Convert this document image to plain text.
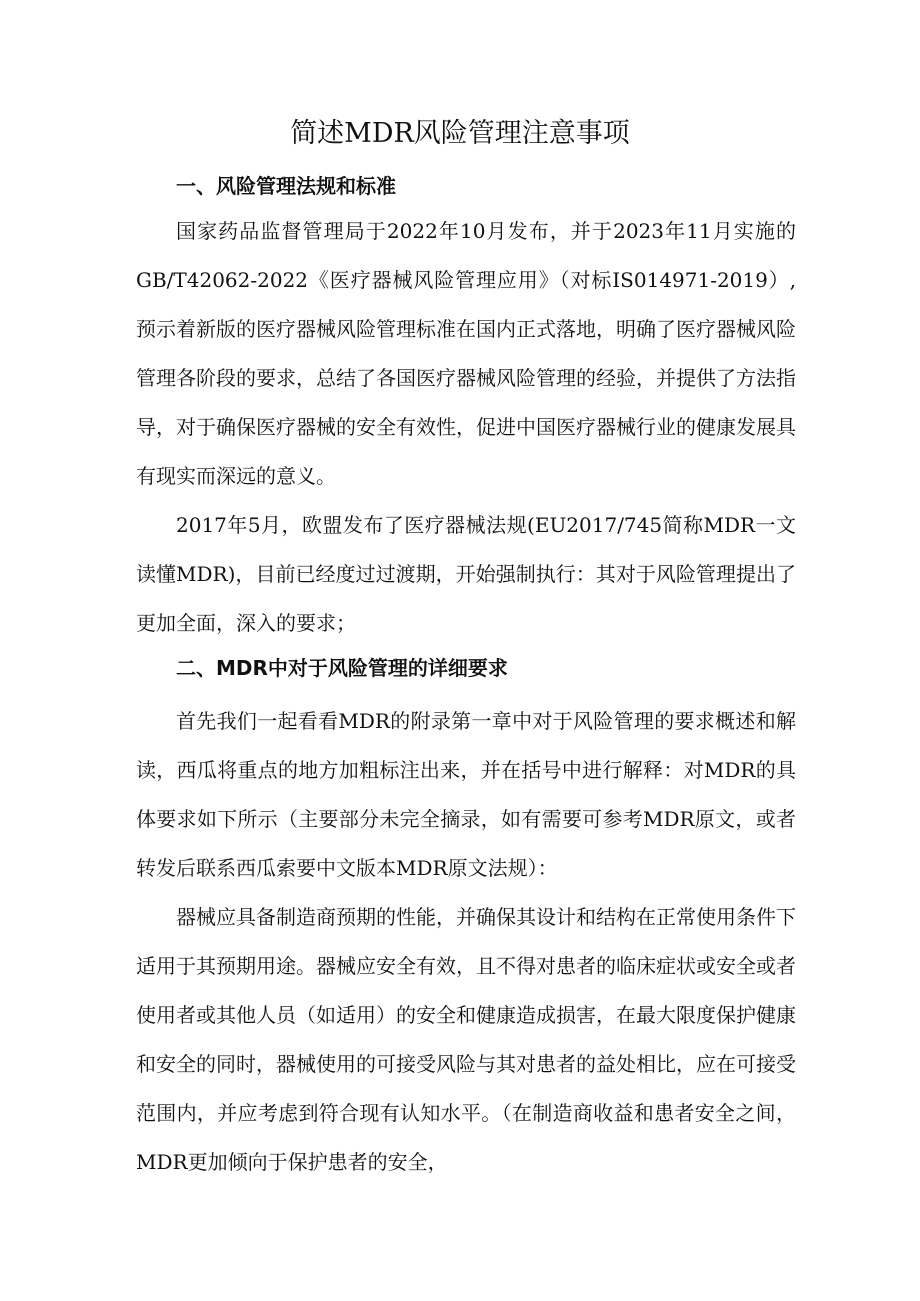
简述MDR风险管理注意事项
一、风险管理法规和标准

国家药品监督管理局于2022年10月发布，并于2023年11月实施的GB/T42062-2022《医疗器械风险管理应用》（对标IS014971-2019）,预示着新版的医疗器械风险管理标准在国内正式落地，明确了医疗器械风险管理各阶段的要求，总结了各国医疗器械风险管理的经验，并提供了方法指导，对于确保医疗器械的安全有效性，促进中国医疗器械行业的健康发展具有现实而深远的意义。

2017年5月，欧盟发布了医疗器械法规(EU2017/745简称MDR一文读懂MDR)，目前已经度过过渡期，开始强制执行：其对于风险管理提出了更加全面，深入的要求；

二、MDR中对于风险管理的详细要求

首先我们一起看看MDR的附录第一章中对于风险管理的要求概述和解读，西瓜将重点的地方加粗标注出来，并在括号中进行解释：对MDR的具体要求如下所示（主要部分未完全摘录，如有需要可参考MDR原文，或者转发后联系西瓜索要中文版本MDR原文法规）：

器械应具备制造商预期的性能，并确保其设计和结构在正常使用条件下适用于其预期用途。器械应安全有效，且不得对患者的临床症状或安全或者使用者或其他人员（如适用）的安全和健康造成损害，在最大限度保护健康和安全的同时，器械使用的可接受风险与其对患者的益处相比，应在可接受范围内，并应考虑到符合现有认知水平。（在制造商收益和患者安全之间，MDR更加倾向于保护患者的安全，
